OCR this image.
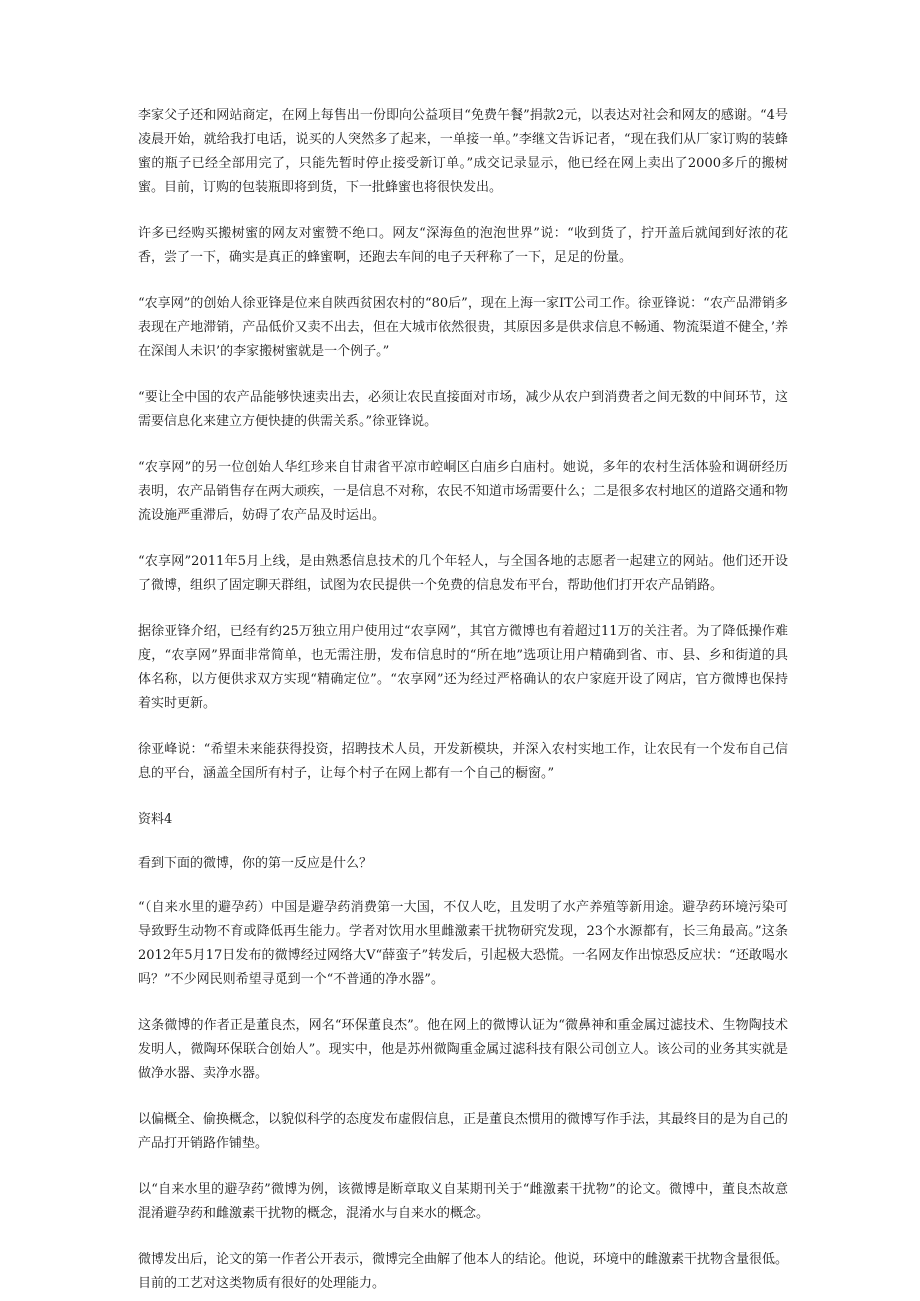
李家父子还和网站商定，在网上每售出一份即向公益项目“免费午餐”捐款2元，以表达对社会和网友的感谢。“4号凌晨开始，就给我打电话，说买的人突然多了起来，一单接一单。”李继文告诉记者，“现在我们从厂家订购的装蜂蜜的瓶子已经全部用完了，只能先暂时停止接受新订单。”成交记录显示，他已经在网上卖出了2000多斤的搬树蜜。目前，订购的包装瓶即将到货，下一批蜂蜜也将很快发出。

许多已经购买搬树蜜的网友对蜜赞不绝口。网友“深海鱼的泡泡世界”说：“收到货了，拧开盖后就闻到好浓的花香，尝了一下，确实是真正的蜂蜜啊，还跑去车间的电子天秤称了一下，足足的份量。

“农享网”的创始人徐亚锋是位来自陕西贫困农村的“80后”，现在上海一家IT公司工作。徐亚锋说：“农产品滞销多表现在产地滞销，产品低价又卖不出去，但在大城市依然很贵，其原因多是供求信息不畅通、物流渠道不健全，’养在深闺人未识’的李家搬树蜜就是一个例子。”

“要让全中国的农产品能够快速卖出去，必须让农民直接面对市场，减少从农户到消费者之间无数的中间环节，这需要信息化来建立方便快捷的供需关系。”徐亚锋说。

“农享网”的另一位创始人华红珍来自甘肃省平凉市崆峒区白庙乡白庙村。她说，多年的农村生活体验和调研经历表明，农产品销售存在两大顽疾，一是信息不对称，农民不知道市场需要什么；二是很多农村地区的道路交通和物流设施严重滞后，妨碍了农产品及时运出。

“农享网”2011年5月上线，是由熟悉信息技术的几个年轻人，与全国各地的志愿者一起建立的网站。他们还开设了微博，组织了固定聊天群组，试图为农民提供一个免费的信息发布平台，帮助他们打开农产品销路。

据徐亚锋介绍，已经有约25万独立用户使用过“农享网”，其官方微博也有着超过11万的关注者。为了降低操作难度，“农享网”界面非常简单，也无需注册，发布信息时的“所在地”选项让用户精确到省、市、县、乡和街道的具体名称，以方便供求双方实现“精确定位”。“农享网”还为经过严格确认的农户家庭开设了网店，官方微博也保持着实时更新。

徐亚峰说：“希望未来能获得投资，招聘技术人员，开发新模块，并深入农村实地工作，让农民有一个发布自己信息的平台，涵盖全国所有村子，让每个村子在网上都有一个自己的橱窗。”

资料4

看到下面的微博，你的第一反应是什么？

“（自来水里的避孕药）中国是避孕药消费第一大国，不仅人吃，且发明了水产养殖等新用途。避孕药环境污染可导致野生动物不育或降低再生能力。学者对饮用水里雌激素干扰物研究发现，23个水源都有，长三角最高。”这条2012年5月17日发布的微博经过网络大V“薛蛮子”转发后，引起极大恐慌。一名网友作出惊恐反应状：“还敢喝水吗？”不少网民则希望寻觅到一个“不普通的净水器”。

这条微博的作者正是董良杰，网名“环保董良杰”。他在网上的微博认证为“微鼻神和重金属过滤技术、生物陶技术发明人，微陶环保联合创始人”。现实中，他是苏州微陶重金属过滤科技有限公司创立人。该公司的业务其实就是做净水器、卖净水器。

以偏概全、偷换概念，以貌似科学的态度发布虚假信息，正是董良杰惯用的微博写作手法，其最终目的是为自己的产品打开销路作铺垫。

以“自来水里的避孕药”微博为例，该微博是断章取义自某期刊关于“雌激素干扰物”的论文。微博中，董良杰故意混淆避孕药和雌激素干扰物的概念，混淆水与自来水的概念。

微博发出后，论文的第一作者公开表示，微博完全曲解了他本人的结论。他说，环境中的雌激素干扰物含量很低。目前的工艺对这类物质有很好的处理能力。
